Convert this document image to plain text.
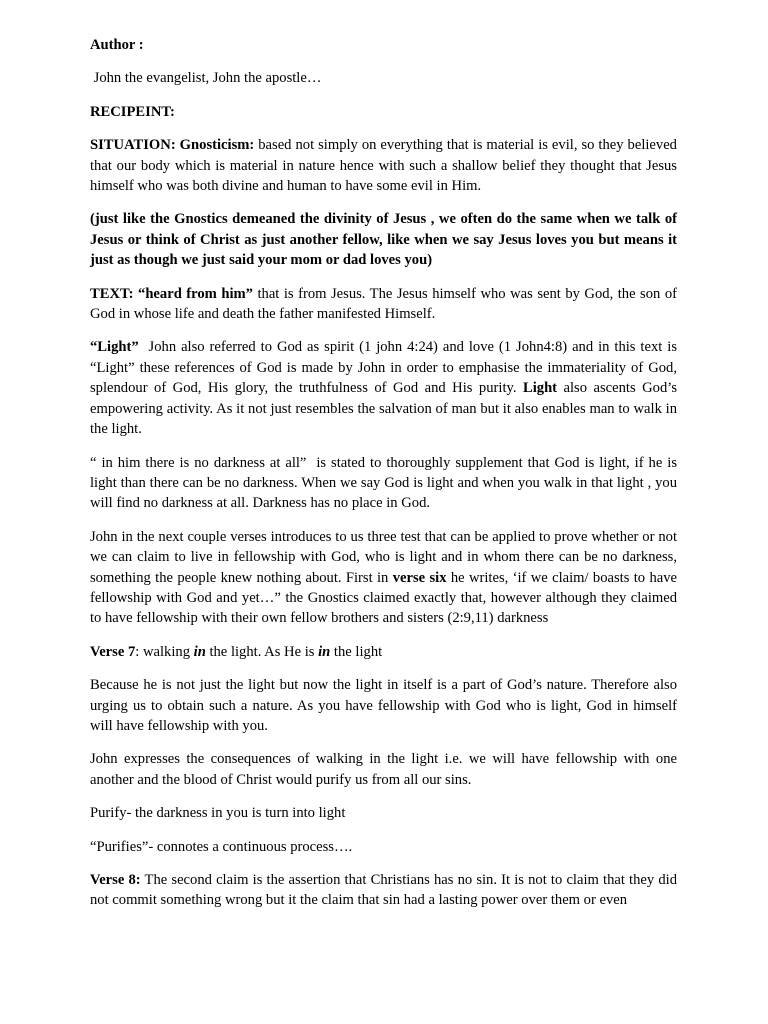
Author :

John the evangelist, John the apostle…

RECIPEINT:

SITUATION: Gnosticism: based not simply on everything that is material is evil, so they believed that our body which is material in nature hence with such a shallow belief they thought that Jesus himself who was both divine and human to have some evil in Him.

(just like the Gnostics demeaned the divinity of Jesus , we often do the same when we talk of Jesus or think of Christ as just another fellow, like when we say Jesus loves you but means it just as though we just said your mom or dad loves you)

TEXT: “heard from him” that is from Jesus. The Jesus himself who was sent by God, the son of God in whose life and death the father manifested Himself.

“Light”  John also referred to God as spirit (1 john 4:24) and love (1 John4:8) and in this text is “Light” these references of God is made by John in order to emphasise the immateriality of God, splendour of God, His glory, the truthfulness of God and His purity. Light also ascents God’s empowering activity. As it not just resembles the salvation of man but it also enables man to walk in the light.

“ in him there is no darkness at all”  is stated to thoroughly supplement that God is light, if he is light than there can be no darkness. When we say God is light and when you walk in that light , you will find no darkness at all. Darkness has no place in God.

John in the next couple verses introduces to us three test that can be applied to prove whether or not we can claim to live in fellowship with God, who is light and in whom there can be no darkness, something the people knew nothing about. First in verse six he writes, ‘if we claim/ boasts to have fellowship with God and yet…” the Gnostics claimed exactly that, however although they claimed to have fellowship with their own fellow brothers and sisters (2:9,11) darkness

Verse 7: walking in the light. As He is in the light

Because he is not just the light but now the light in itself is a part of God’s nature. Therefore also urging us to obtain such a nature. As you have fellowship with God who is light, God in himself will have fellowship with you.

John expresses the consequences of walking in the light i.e. we will have fellowship with one another and the blood of Christ would purify us from all our sins.

Purify- the darkness in you is turn into light

“Purifies”- connotes a continuous process….

Verse 8: The second claim is the assertion that Christians has no sin. It is not to claim that they did not commit something wrong but it the claim that sin had a lasting power over them or even
